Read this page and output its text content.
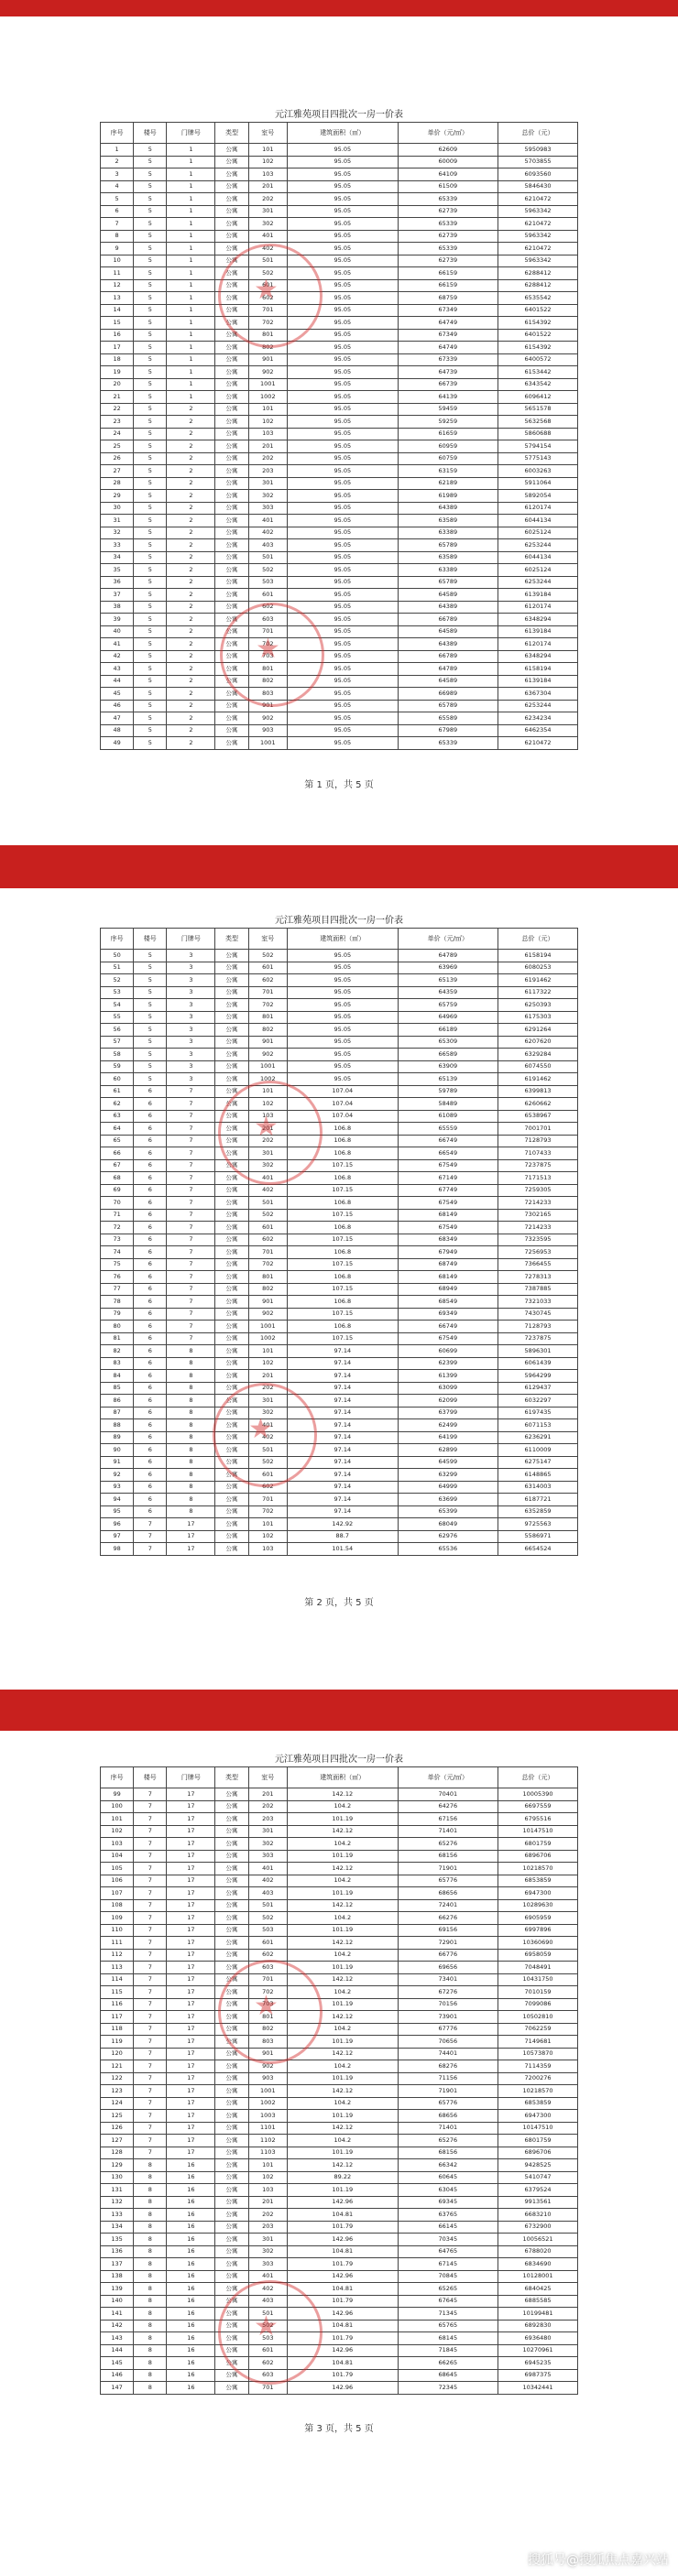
元江雅苑项目四批次一房一价表
序号	楼号	门牌号	类型	室号	建筑面积（㎡）	单价（元/㎡）	总价（元）
1	5	1	公寓	101	95.05	62609	5950983
2	5	1	公寓	102	95.05	60009	5703855
3	5	1	公寓	103	95.05	64109	6093560
4	5	1	公寓	201	95.05	61509	5846430
5	5	1	公寓	202	95.05	65339	6210472
6	5	1	公寓	301	95.05	62739	5963342
7	5	1	公寓	302	95.05	65339	6210472
8	5	1	公寓	401	95.05	62739	5963342
9	5	1	公寓	402	95.05	65339	6210472
10	5	1	公寓	501	95.05	62739	5963342
11	5	1	公寓	502	95.05	66159	6288412
12	5	1	公寓	601	95.05	66159	6288412
13	5	1	公寓	602	95.05	68759	6535542
14	5	1	公寓	701	95.05	67349	6401522
15	5	1	公寓	702	95.05	64749	6154392
16	5	1	公寓	801	95.05	67349	6401522
17	5	1	公寓	802	95.05	64749	6154392
18	5	1	公寓	901	95.05	67339	6400572
19	5	1	公寓	902	95.05	64739	6153442
20	5	1	公寓	1001	95.05	66739	6343542
21	5	1	公寓	1002	95.05	64139	6096412
22	5	2	公寓	101	95.05	59459	5651578
23	5	2	公寓	102	95.05	59259	5632568
24	5	2	公寓	103	95.05	61659	5860688
25	5	2	公寓	201	95.05	60959	5794154
26	5	2	公寓	202	95.05	60759	5775143
27	5	2	公寓	203	95.05	63159	6003263
28	5	2	公寓	301	95.05	62189	5911064
29	5	2	公寓	302	95.05	61989	5892054
30	5	2	公寓	303	95.05	64389	6120174
31	5	2	公寓	401	95.05	63589	6044134
32	5	2	公寓	402	95.05	63389	6025124
33	5	2	公寓	403	95.05	65789	6253244
34	5	2	公寓	501	95.05	63589	6044134
35	5	2	公寓	502	95.05	63389	6025124
36	5	2	公寓	503	95.05	65789	6253244
37	5	2	公寓	601	95.05	64589	6139184
38	5	2	公寓	602	95.05	64389	6120174
39	5	2	公寓	603	95.05	66789	6348294
40	5	2	公寓	701	95.05	64589	6139184
41	5	2	公寓	702	95.05	64389	6120174
42	5	2	公寓	703	95.05	66789	6348294
43	5	2	公寓	801	95.05	64789	6158194
44	5	2	公寓	802	95.05	64589	6139184
45	5	2	公寓	803	95.05	66989	6367304
46	5	2	公寓	901	95.05	65789	6253244
47	5	2	公寓	902	95.05	65589	6234234
48	5	2	公寓	903	95.05	67989	6462354
49	5	2	公寓	1001	95.05	65339	6210472
第 1 页，共 5 页
★
★
元江雅苑项目四批次一房一价表
序号	楼号	门牌号	类型	室号	建筑面积（㎡）	单价（元/㎡）	总价（元）
50	5	3	公寓	502	95.05	64789	6158194
51	5	3	公寓	601	95.05	63969	6080253
52	5	3	公寓	602	95.05	65139	6191462
53	5	3	公寓	701	95.05	64359	6117322
54	5	3	公寓	702	95.05	65759	6250393
55	5	3	公寓	801	95.05	64969	6175303
56	5	3	公寓	802	95.05	66189	6291264
57	5	3	公寓	901	95.05	65309	6207620
58	5	3	公寓	902	95.05	66589	6329284
59	5	3	公寓	1001	95.05	63909	6074550
60	5	3	公寓	1002	95.05	65139	6191462
61	6	7	公寓	101	107.04	59789	6399813
62	6	7	公寓	102	107.04	58489	6260662
63	6	7	公寓	103	107.04	61089	6538967
64	6	7	公寓	201	106.8	65559	7001701
65	6	7	公寓	202	106.8	66749	7128793
66	6	7	公寓	301	106.8	66549	7107433
67	6	7	公寓	302	107.15	67549	7237875
68	6	7	公寓	401	106.8	67149	7171513
69	6	7	公寓	402	107.15	67749	7259305
70	6	7	公寓	501	106.8	67549	7214233
71	6	7	公寓	502	107.15	68149	7302165
72	6	7	公寓	601	106.8	67549	7214233
73	6	7	公寓	602	107.15	68349	7323595
74	6	7	公寓	701	106.8	67949	7256953
75	6	7	公寓	702	107.15	68749	7366455
76	6	7	公寓	801	106.8	68149	7278313
77	6	7	公寓	802	107.15	68949	7387885
78	6	7	公寓	901	106.8	68549	7321033
79	6	7	公寓	902	107.15	69349	7430745
80	6	7	公寓	1001	106.8	66749	7128793
81	6	7	公寓	1002	107.15	67549	7237875
82	6	8	公寓	101	97.14	60699	5896301
83	6	8	公寓	102	97.14	62399	6061439
84	6	8	公寓	201	97.14	61399	5964299
85	6	8	公寓	202	97.14	63099	6129437
86	6	8	公寓	301	97.14	62099	6032297
87	6	8	公寓	302	97.14	63799	6197435
88	6	8	公寓	401	97.14	62499	6071153
89	6	8	公寓	402	97.14	64199	6236291
90	6	8	公寓	501	97.14	62899	6110009
91	6	8	公寓	502	97.14	64599	6275147
92	6	8	公寓	601	97.14	63299	6148865
93	6	8	公寓	602	97.14	64999	6314003
94	6	8	公寓	701	97.14	63699	6187721
95	6	8	公寓	702	97.14	65399	6352859
96	7	17	公寓	101	142.92	68049	9725563
97	7	17	公寓	102	88.7	62976	5586971
98	7	17	公寓	103	101.54	65536	6654524
第 2 页，共 5 页
★
★
元江雅苑项目四批次一房一价表
序号	楼号	门牌号	类型	室号	建筑面积（㎡）	单价（元/㎡）	总价（元）
99	7	17	公寓	201	142.12	70401	10005390
100	7	17	公寓	202	104.2	64276	6697559
101	7	17	公寓	203	101.19	67156	6795516
102	7	17	公寓	301	142.12	71401	10147510
103	7	17	公寓	302	104.2	65276	6801759
104	7	17	公寓	303	101.19	68156	6896706
105	7	17	公寓	401	142.12	71901	10218570
106	7	17	公寓	402	104.2	65776	6853859
107	7	17	公寓	403	101.19	68656	6947300
108	7	17	公寓	501	142.12	72401	10289630
109	7	17	公寓	502	104.2	66276	6905959
110	7	17	公寓	503	101.19	69156	6997896
111	7	17	公寓	601	142.12	72901	10360690
112	7	17	公寓	602	104.2	66776	6958059
113	7	17	公寓	603	101.19	69656	7048491
114	7	17	公寓	701	142.12	73401	10431750
115	7	17	公寓	702	104.2	67276	7010159
116	7	17	公寓	703	101.19	70156	7099086
117	7	17	公寓	801	142.12	73901	10502810
118	7	17	公寓	802	104.2	67776	7062259
119	7	17	公寓	803	101.19	70656	7149681
120	7	17	公寓	901	142.12	74401	10573870
121	7	17	公寓	902	104.2	68276	7114359
122	7	17	公寓	903	101.19	71156	7200276
123	7	17	公寓	1001	142.12	71901	10218570
124	7	17	公寓	1002	104.2	65776	6853859
125	7	17	公寓	1003	101.19	68656	6947300
126	7	17	公寓	1101	142.12	71401	10147510
127	7	17	公寓	1102	104.2	65276	6801759
128	7	17	公寓	1103	101.19	68156	6896706
129	8	16	公寓	101	142.12	66342	9428525
130	8	16	公寓	102	89.22	60645	5410747
131	8	16	公寓	103	101.19	63045	6379524
132	8	16	公寓	201	142.96	69345	9913561
133	8	16	公寓	202	104.81	63765	6683210
134	8	16	公寓	203	101.79	66145	6732900
135	8	16	公寓	301	142.96	70345	10056521
136	8	16	公寓	302	104.81	64765	6788020
137	8	16	公寓	303	101.79	67145	6834690
138	8	16	公寓	401	142.96	70845	10128001
139	8	16	公寓	402	104.81	65265	6840425
140	8	16	公寓	403	101.79	67645	6885585
141	8	16	公寓	501	142.96	71345	10199481
142	8	16	公寓	502	104.81	65765	6892830
143	8	16	公寓	503	101.79	68145	6936480
144	8	16	公寓	601	142.96	71845	10270961
145	8	16	公寓	602	104.81	66265	6945235
146	8	16	公寓	603	101.79	68645	6987375
147	8	16	公寓	701	142.96	72345	10342441
第 3 页，共 5 页
★
★
搜狐号@搜狐焦点嘉兴站
